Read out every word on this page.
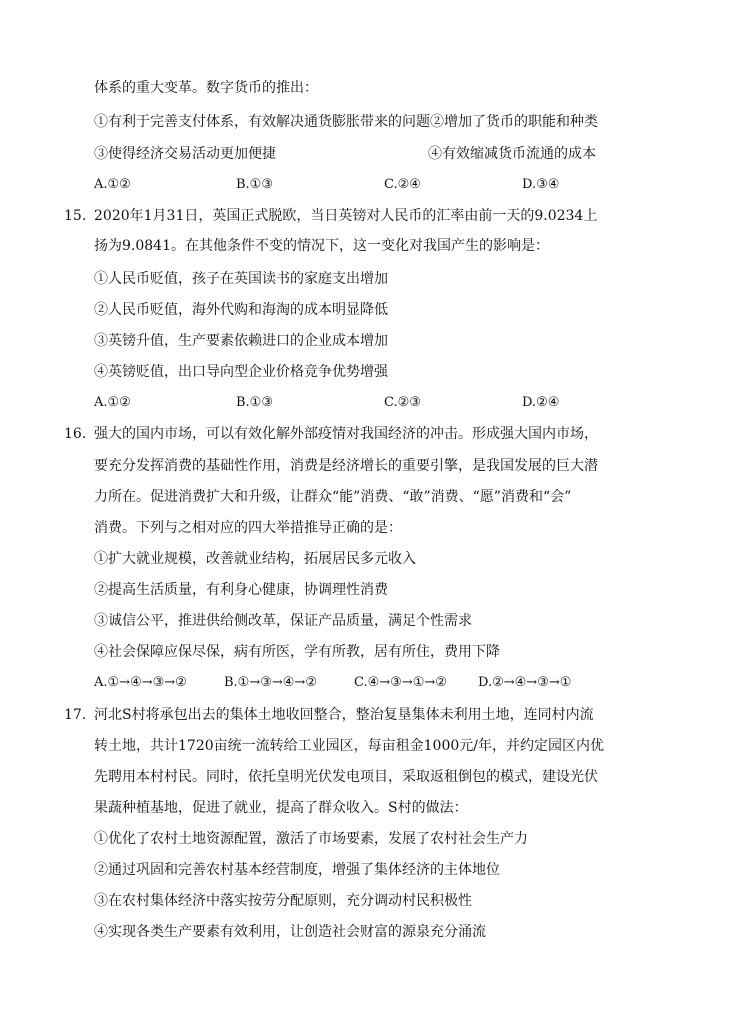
体系的重大变革。数字货币的推出：
①有利于完善支付体系，有效解决通货膨胀带来的问题②增加了货币的职能和种类
③使得经济交易活动更加便捷	④有效缩减货币流通的成本
A.①②	B.①③	C.②④	D.③④
15. 2020年1月31日，英国正式脱欧，当日英镑对人民币的汇率由前一天的9.0234上
扬为9.0841。在其他条件不变的情况下，这一变化对我国产生的影响是：
①人民币贬值，孩子在英国读书的家庭支出增加
②人民币贬值，海外代购和海淘的成本明显降低
③英镑升值，生产要素依赖进口的企业成本增加
④英镑贬值，出口导向型企业价格竞争优势增强
A.①②	B.①③	C.②③	D.②④
16. 强大的国内市场，可以有效化解外部疫情对我国经济的冲击。形成强大国内市场，
要充分发挥消费的基础性作用，消费是经济增长的重要引擎，是我国发展的巨大潜
力所在。促进消费扩大和升级，让群众“能”消费、“敢”消费、“愿”消费和“会”
消费。下列与之相对应的四大举措推导正确的是：
①扩大就业规模，改善就业结构，拓展居民多元收入
②提高生活质量，有利身心健康，协调理性消费
③诚信公平，推进供给侧改革，保证产品质量，满足个性需求
④社会保障应保尽保，病有所医，学有所教，居有所住，费用下降
A.①→④→③→②	B.①→③→④→②	C.④→③→①→② D.②→④→③→①
17. 河北S村将承包出去的集体土地收回整合，整治复垦集体未利用土地，连同村内流
转土地，共计1720亩统一流转给工业园区，每亩租金1000元/年，并约定园区内优
先聘用本村村民。同时，依托皇明光伏发电项目，采取返租倒包的模式，建设光伏
果蔬种植基地，促进了就业，提高了群众收入。S村的做法：
①优化了农村土地资源配置，激活了市场要素，发展了农村社会生产力
②通过巩固和完善农村基本经营制度，增强了集体经济的主体地位
③在农村集体经济中落实按劳分配原则，充分调动村民积极性
④实现各类生产要素有效利用，让创造社会财富的源泉充分涌流
